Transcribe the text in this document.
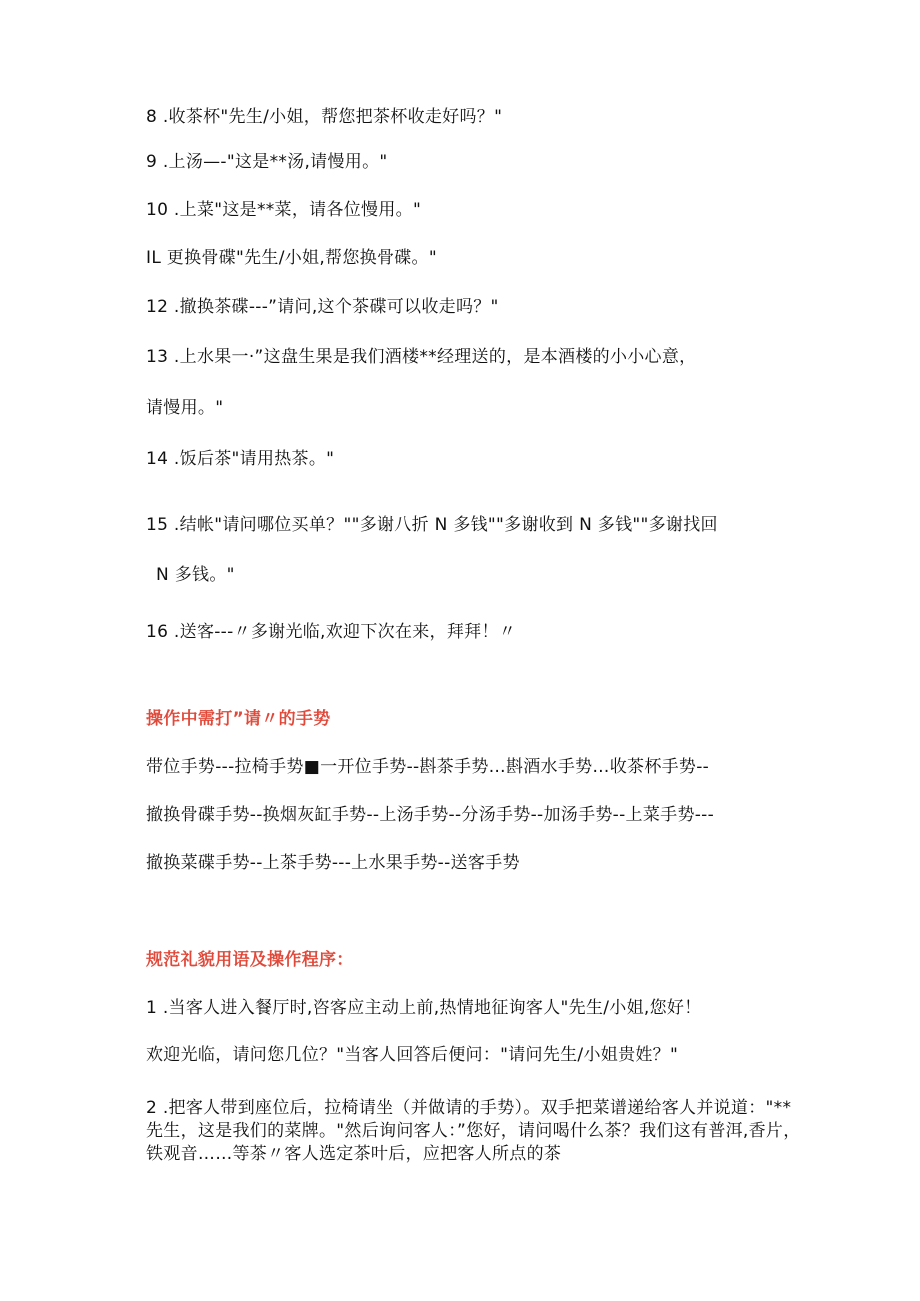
8 .收茶杯"先生/小姐，帮您把茶杯收走好吗？"
9 .上汤—-"这是**汤,请慢用。"
10 .上菜"这是**菜，请各位慢用。"
IL 更换骨碟"先生/小姐,帮您换骨碟。"
12 .撤换茶碟---”请问,这个茶碟可以收走吗？"
13 .上水果一·”这盘生果是我们酒楼**经理送的，是本酒楼的小小心意，
请慢用。"
14 .饭后茶"请用热茶。"
15 .结帐"请问哪位买单？""多谢八折 N 多钱""多谢收到 N 多钱""多谢找回
N 多钱。"
16 .送客---〃多谢光临,欢迎下次在来，拜拜！〃
操作中需打”请〃的手势
带位手势---拉椅手势■一开位手势--斟茶手势…斟酒水手势…收茶杯手势--
撤换骨碟手势--换烟灰缸手势--上汤手势--分汤手势--加汤手势--上菜手势---
撤换菜碟手势--上茶手势---上水果手势--送客手势
规范礼貌用语及操作程序：
1 .当客人进入餐厅时,咨客应主动上前,热情地征询客人"先生/小姐,您好！
欢迎光临，请问您几位？"当客人回答后便问："请问先生/小姐贵姓？"
2 .把客人带到座位后，拉椅请坐（并做请的手势）。双手把菜谱递给客人并说道："**先生，这是我们的菜牌。"然后询问客人：”您好，请问喝什么茶？我们这有普洱,香片，铁观音……等茶〃客人选定茶叶后，应把客人所点的茶
